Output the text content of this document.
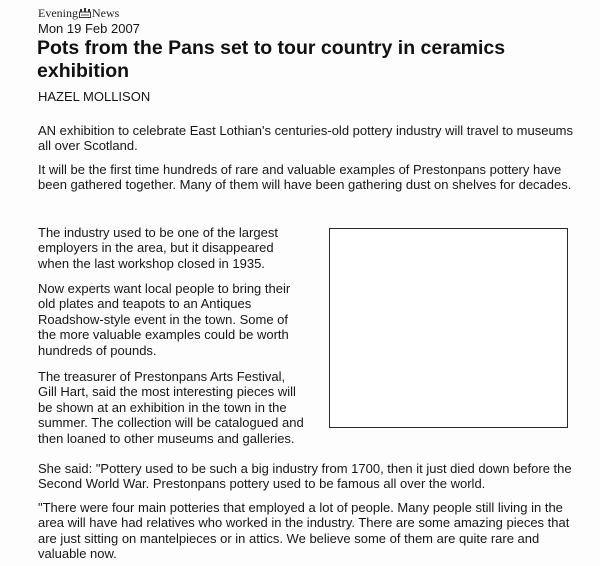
Evening News
Mon 19 Feb 2007
Pots from the Pans set to tour country in ceramics exhibition
HAZEL MOLLISON

AN exhibition to celebrate East Lothian's centuries-old pottery industry will travel to museums all over Scotland.

It will be the first time hundreds of rare and valuable examples of Prestonpans pottery have been gathered together. Many of them will have been gathering dust on shelves for decades.

The industry used to be one of the largest employers in the area, but it disappeared when the last workshop closed in 1935.

Now experts want local people to bring their old plates and teapots to an Antiques Roadshow-style event in the town. Some of the more valuable examples could be worth hundreds of pounds.

The treasurer of Prestonpans Arts Festival, Gill Hart, said the most interesting pieces will be shown at an exhibition in the town in the summer. The collection will be catalogued and then loaned to other museums and galleries.

She said: "Pottery used to be such a big industry from 1700, then it just died down before the Second World War. Prestonpans pottery used to be famous all over the world.

"There were four main potteries that employed a lot of people. Many people still living in the area will have had relatives who worked in the industry. There are some amazing pieces that are just sitting on mantelpieces or in attics. We believe some of them are quite rare and valuable now.
